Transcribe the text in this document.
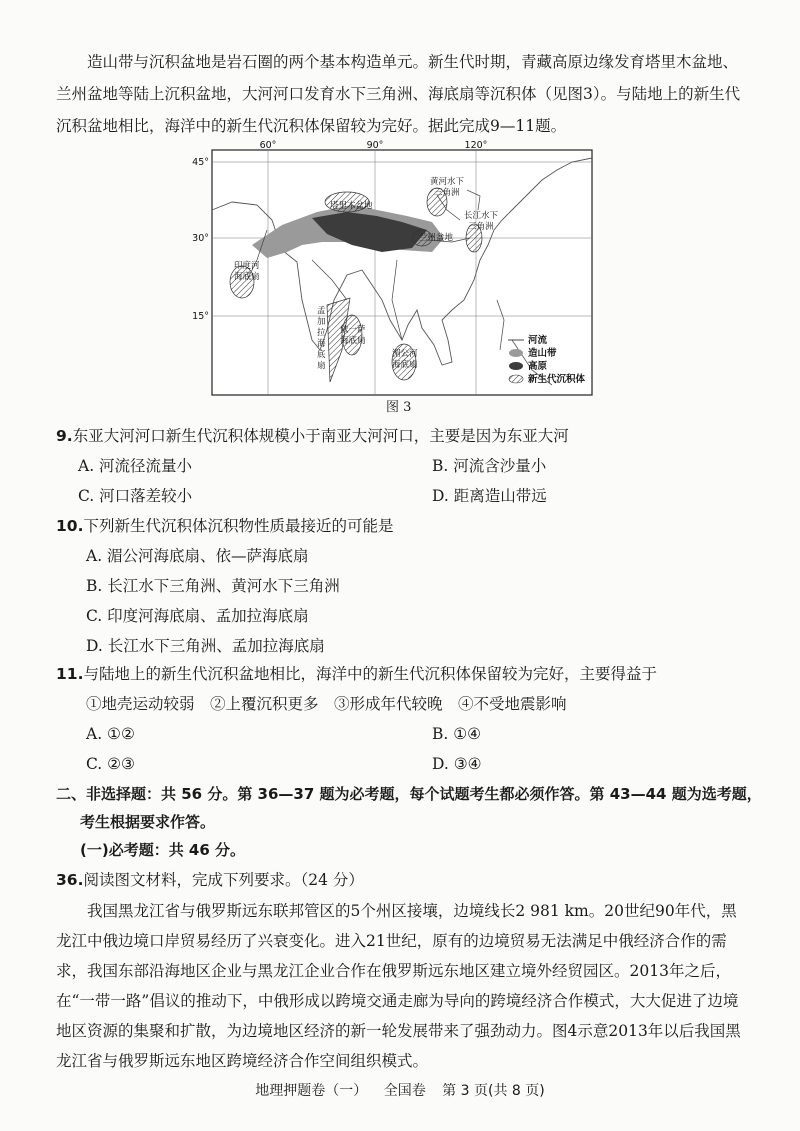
造山带与沉积盆地是岩石圈的两个基本构造单元。新生代时期，青藏高原边缘发育塔里木盆地、兰州盆地等陆上沉积盆地，大河河口发育水下三角洲、海底扇等沉积体（见图3）。与陆地上的新生代沉积盆地相比，海洋中的新生代沉积体保留较为完好。据此完成9—11题。
60°	90°	120°
45°
30°
15°
塔里木盆地
黄河水下
三角洲
长江水下
三角洲
兰州盆地
印度河
海底扇
孟
加
拉
海
底
扇
依一萨
海底扇
湄公河
海底扇
河流
造山带
高原
新生代沉积体
图 3
9.东亚大河河口新生代沉积体规模小于南亚大河河口，主要是因为东亚大河
A. 河流径流量小	B. 河流含沙量小
C. 河口落差较小	D. 距离造山带远
10.下列新生代沉积体沉积物性质最接近的可能是
A. 湄公河海底扇、依—萨海底扇
B. 长江水下三角洲、黄河水下三角洲
C. 印度河海底扇、孟加拉海底扇
D. 长江水下三角洲、孟加拉海底扇
11.与陆地上的新生代沉积盆地相比，海洋中的新生代沉积体保留较为完好，主要得益于
①地壳运动较弱　②上覆沉积更多　③形成年代较晚　④不受地震影响
A. ①②	B. ①④
C. ②③	D. ③④
二、非选择题：共 56 分。第 36—37 题为必考题，每个试题考生都必须作答。第 43—44 题为选考题，
考生根据要求作答。
(一)必考题：共 46 分。
36.阅读图文材料，完成下列要求。（24 分）
我国黑龙江省与俄罗斯远东联邦管区的5个州区接壤，边境线长2 981 km。20世纪90年代，黑龙江中俄边境口岸贸易经历了兴衰变化。进入21世纪，原有的边境贸易无法满足中俄经济合作的需求，我国东部沿海地区企业与黑龙江企业合作在俄罗斯远东地区建立境外经贸园区。2013年之后，在“一带一路”倡议的推动下，中俄形成以跨境交通走廊为导向的跨境经济合作模式，大大促进了边境地区资源的集聚和扩散，为边境地区经济的新一轮发展带来了强劲动力。图4示意2013年以后我国黑龙江省与俄罗斯远东地区跨境经济合作空间组织模式。
地理押题卷（一） 全国卷 第 3 页(共 8 页)
